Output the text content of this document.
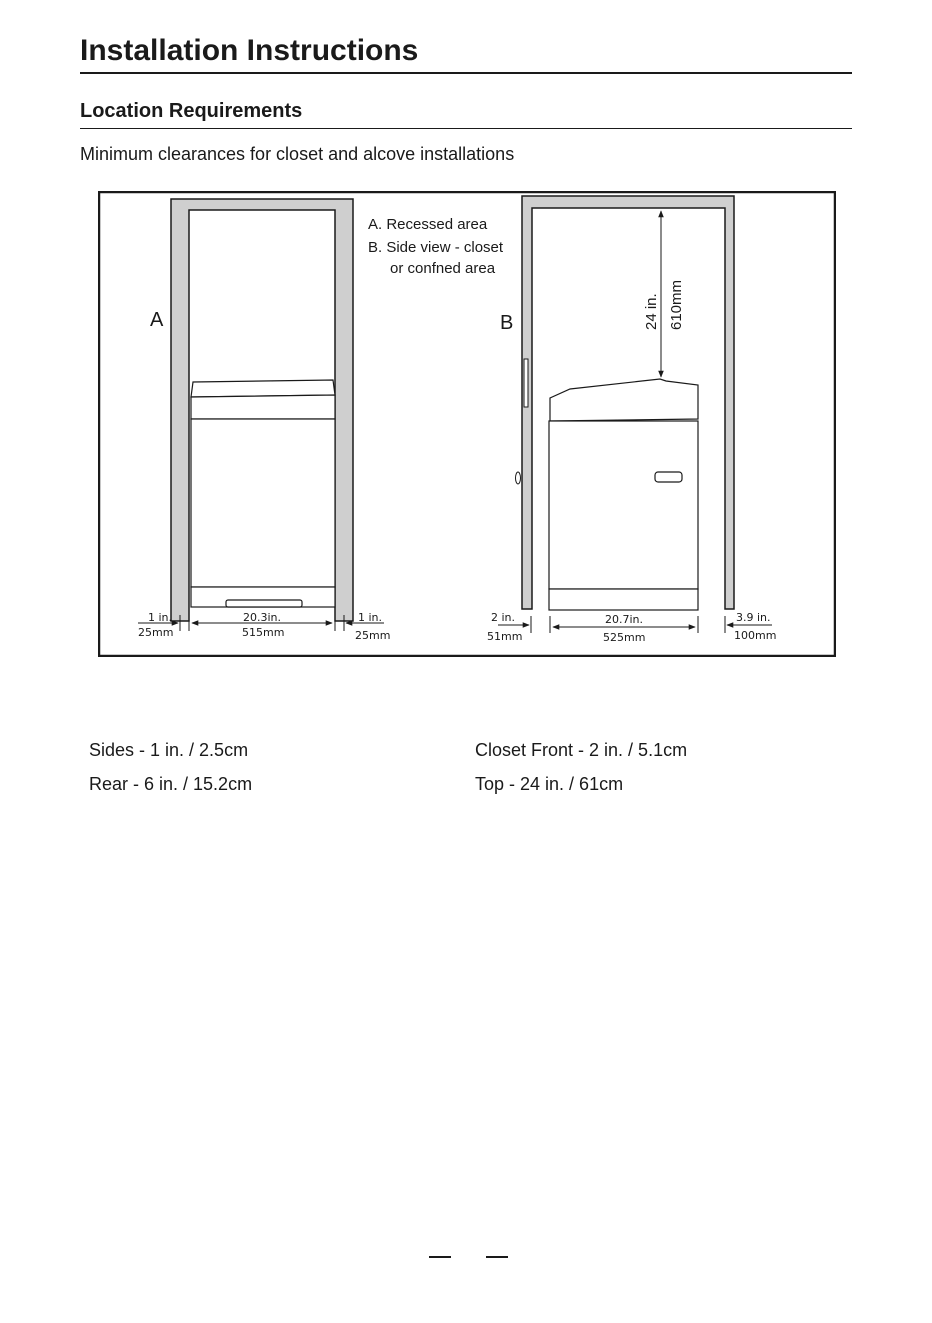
Installation Instructions
Location Requirements

Minimum clearances for closet and alcove installations

A
1 in.
25mm
20.3in.
515mm
1 in.
25mm
A. Recessed area
B. Side view - closet
or confned area
B	24 in. 610mm
2 in.
51mm
20.7in.
525mm
3.9 in.
100mm

Sides - 1 in. / 2.5cm

Rear - 6 in. / 15.2cm

Closet Front - 2 in. / 5.1cm

Top - 24 in. / 61cm
